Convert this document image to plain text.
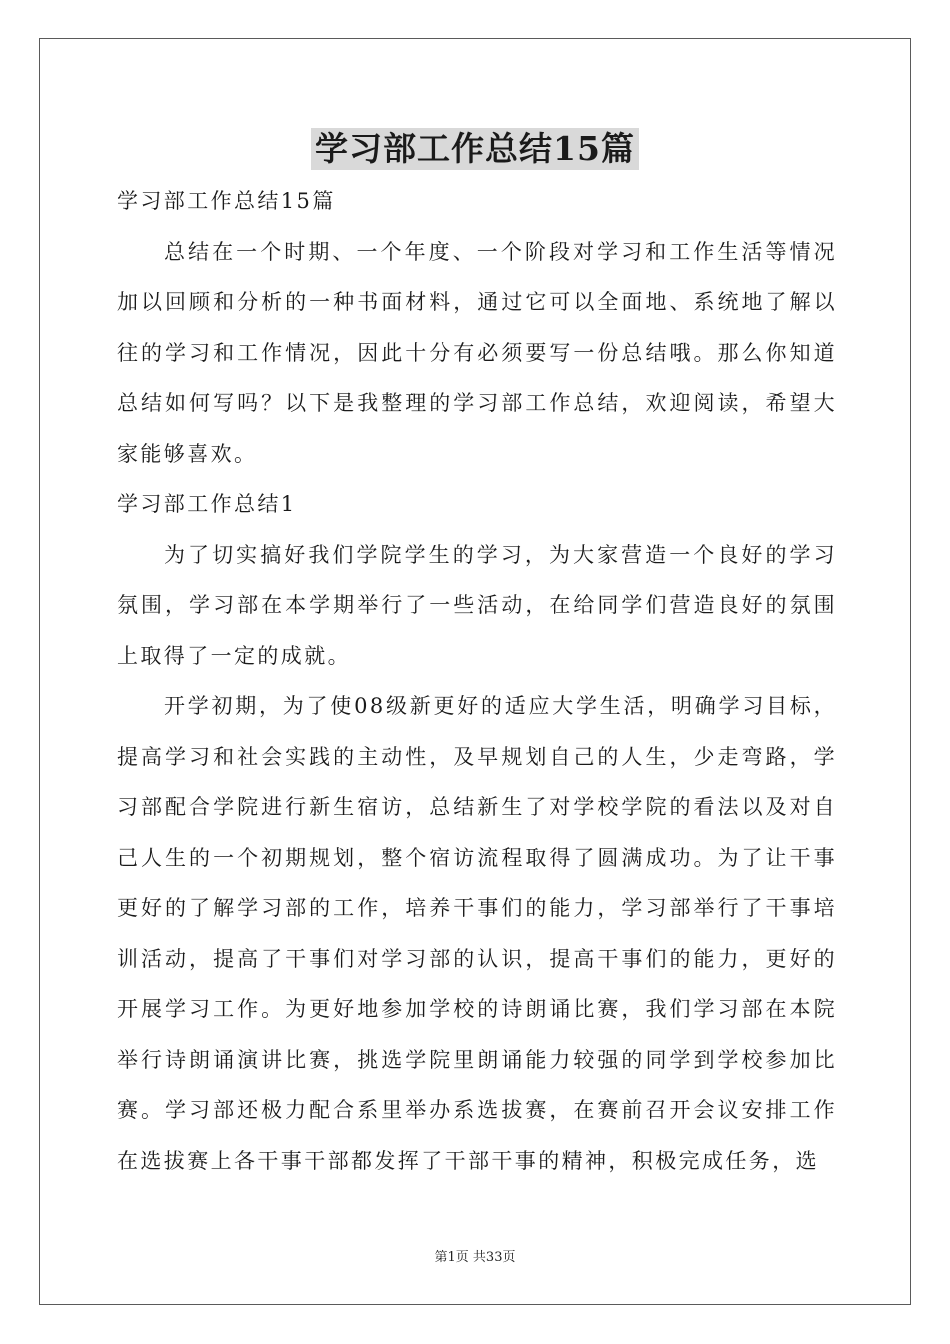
学习部工作总结15篇

学习部工作总结15篇

总结在一个时期、一个年度、一个阶段对学习和工作生活等情况加以回顾和分析的一种书面材料，通过它可以全面地、系统地了解以往的学习和工作情况，因此十分有必须要写一份总结哦。那么你知道总结如何写吗？以下是我整理的学习部工作总结，欢迎阅读，希望大家能够喜欢。

学习部工作总结1

为了切实搞好我们学院学生的学习，为大家营造一个良好的学习氛围，学习部在本学期举行了一些活动，在给同学们营造良好的氛围上取得了一定的成就。

开学初期，为了使08级新更好的适应大学生活，明确学习目标，提高学习和社会实践的主动性，及早规划自己的人生，少走弯路，学习部配合学院进行新生宿访，总结新生了对学校学院的看法以及对自己人生的一个初期规划，整个宿访流程取得了圆满成功。为了让干事更好的了解学习部的工作，培养干事们的能力，学习部举行了干事培训活动，提高了干事们对学习部的认识，提高干事们的能力，更好的开展学习工作。为更好地参加学校的诗朗诵比赛，我们学习部在本院举行诗朗诵演讲比赛，挑选学院里朗诵能力较强的同学到学校参加比赛。学习部还极力配合系里举办系选拔赛，在赛前召开会议安排工作在选拔赛上各干事干部都发挥了干部干事的精神，积极完成任务，选

第1页 共33页
